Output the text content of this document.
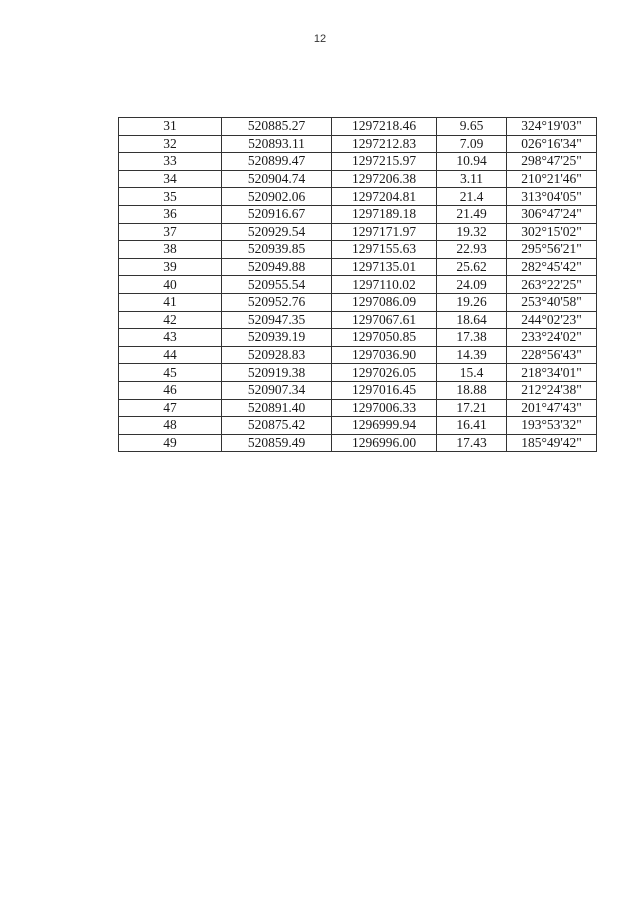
12
31	520885.27	1297218.46	9.65	324°19'03"
32	520893.11	1297212.83	7.09	026°16'34"
33	520899.47	1297215.97	10.94	298°47'25"
34	520904.74	1297206.38	3.11	210°21'46"
35	520902.06	1297204.81	21.4	313°04'05"
36	520916.67	1297189.18	21.49	306°47'24"
37	520929.54	1297171.97	19.32	302°15'02"
38	520939.85	1297155.63	22.93	295°56'21"
39	520949.88	1297135.01	25.62	282°45'42"
40	520955.54	1297110.02	24.09	263°22'25"
41	520952.76	1297086.09	19.26	253°40'58"
42	520947.35	1297067.61	18.64	244°02'23"
43	520939.19	1297050.85	17.38	233°24'02"
44	520928.83	1297036.90	14.39	228°56'43"
45	520919.38	1297026.05	15.4	218°34'01"
46	520907.34	1297016.45	18.88	212°24'38"
47	520891.40	1297006.33	17.21	201°47'43"
48	520875.42	1296999.94	16.41	193°53'32"
49	520859.49	1296996.00	17.43	185°49'42"
